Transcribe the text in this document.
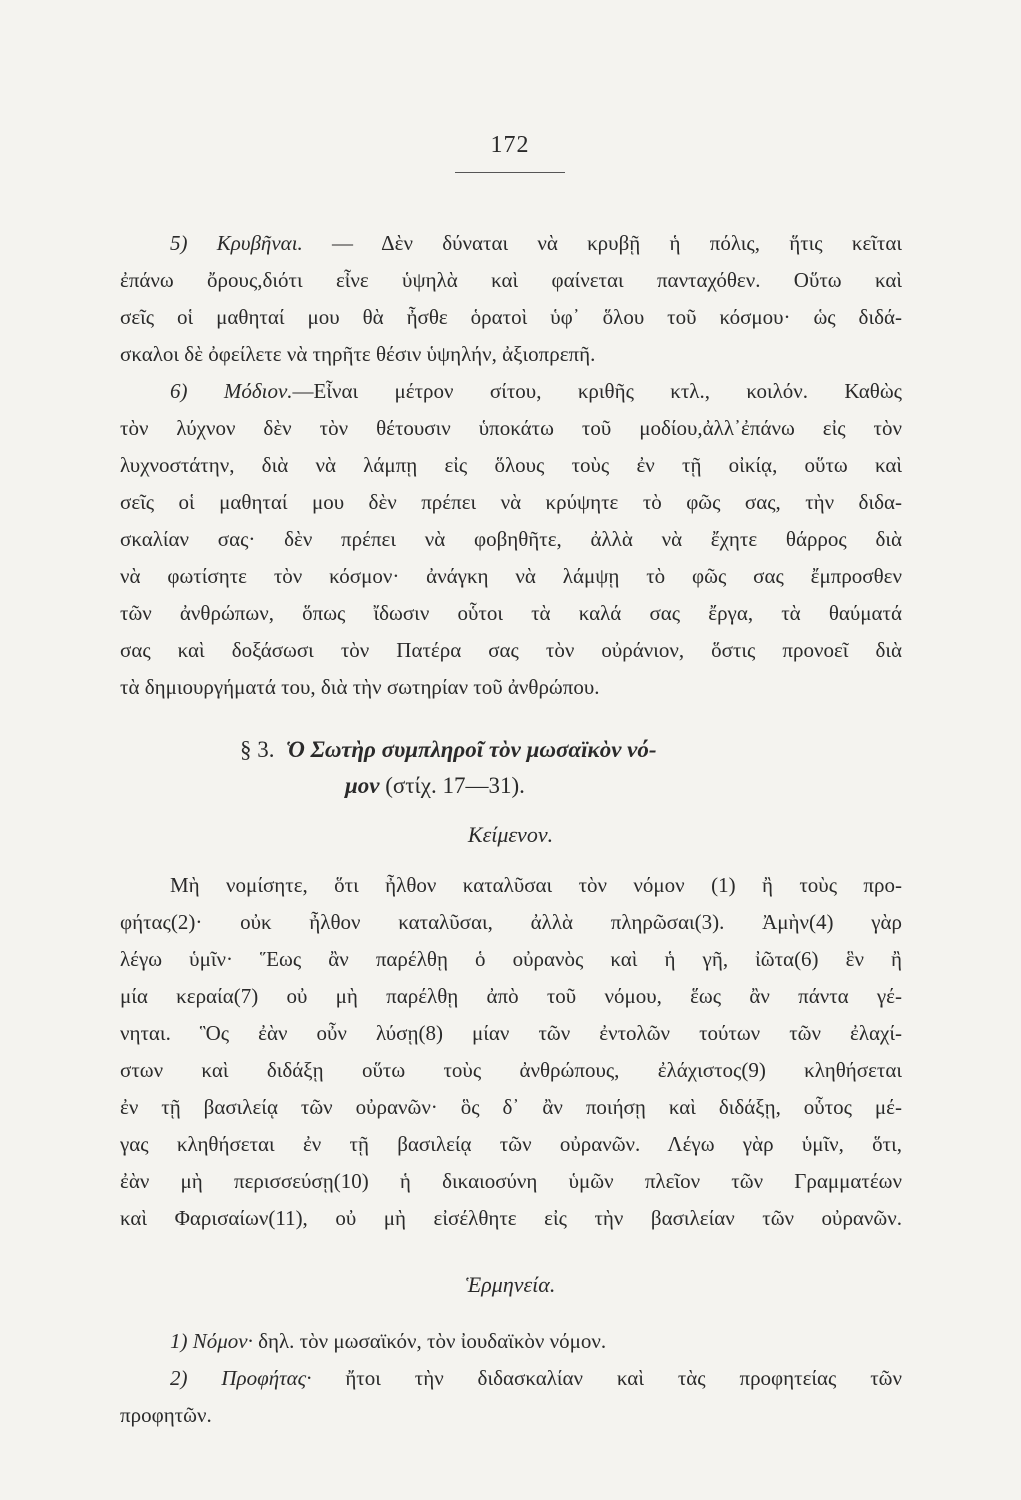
172
5) Κρυβῆναι. — Δὲν δύναται νὰ κρυβῇ ἡ πόλις, ἥτις κεῖται
ἐπάνω ὄρους,διότι εἶνε ὑψηλὰ καὶ φαίνεται πανταχόθεν. Οὕτω καὶ
σεῖς οἱ μαθηταί μου θὰ ἦσθε ὁρατοὶ ὑφ᾿ ὅλου τοῦ κόσμου· ὡς διδά-
σκαλοι δὲ ὀφείλετε νὰ τηρῆτε θέσιν ὑψηλήν, ἀξιοπρεπῆ.
6) Μόδιον.—Εἶναι μέτρον σίτου, κριθῆς κτλ., κοιλόν. Καθὼς
τὸν λύχνον δὲν τὸν θέτουσιν ὑποκάτω τοῦ μοδίου,ἀλλ᾿ἐπάνω εἰς τὸν
λυχνοστάτην, διὰ νὰ λάμπῃ εἰς ὅλους τοὺς ἐν τῇ οἰκίᾳ, οὕτω καὶ
σεῖς οἱ μαθηταί μου δὲν πρέπει νὰ κρύψητε τὸ φῶς σας, τὴν διδα-
σκαλίαν σας· δὲν πρέπει νὰ φοβηθῆτε, ἀλλὰ νὰ ἔχητε θάρρος διὰ
νὰ φωτίσητε τὸν κόσμον· ἀνάγκη νὰ λάμψῃ τὸ φῶς σας ἔμπροσθεν
τῶν ἀνθρώπων, ὅπως ἴδωσιν οὗτοι τὰ καλά σας ἔργα, τὰ θαύματά
σας καὶ δοξάσωσι τὸν Πατέρα σας τὸν οὐράνιον, ὅστις προνοεῖ διὰ
τὰ δημιουργήματά του, διὰ τὴν σωτηρίαν τοῦ ἀνθρώπου.
§ 3. Ὁ Σωτὴρ συμπληροῖ τὸν μωσαϊκὸν νό-
μον (στίχ. 17—31).
Κείμενον.
Μὴ νομίσητε, ὅτι ἦλθον καταλῦσαι τὸν νόμον (1) ἢ τοὺς προ-
φήτας(2)· οὐκ ἦλθον καταλῦσαι, ἀλλὰ πληρῶσαι(3). Ἀμὴν(4) γὰρ
λέγω ὑμῖν· Ἕως ἂν παρέλθῃ ὁ οὐρανὸς καὶ ἡ γῆ, ἰῶτα(6) ἓν ἢ
μία κεραία(7) οὐ μὴ παρέλθῃ ἀπὸ τοῦ νόμου, ἕως ἂν πάντα γέ-
νηται. Ὃς ἐὰν οὖν λύσῃ(8) μίαν τῶν ἐντολῶν τούτων τῶν ἐλαχί-
στων καὶ διδάξῃ οὕτω τοὺς ἀνθρώπους, ἐλάχιστος(9) κληθήσεται
ἐν τῇ βασιλείᾳ τῶν οὐρανῶν· ὃς δ᾿ ἂν ποιήσῃ καὶ διδάξῃ, οὗτος μέ-
γας κληθήσεται ἐν τῇ βασιλείᾳ τῶν οὐρανῶν. Λέγω γὰρ ὑμῖν, ὅτι,
ἐὰν μὴ περισσεύσῃ(10) ἡ δικαιοσύνη ὑμῶν πλεῖον τῶν Γραμματέων
καὶ Φαρισαίων(11), οὐ μὴ εἰσέλθητε εἰς τὴν βασιλείαν τῶν οὐρανῶν.
Ἑρμηνεία.
1) Νόμον· δηλ. τὸν μωσαϊκόν, τὸν ἰουδαϊκὸν νόμον.
2) Προφήτας· ἤτοι τὴν διδασκαλίαν καὶ τὰς προφητείας τῶν
προφητῶν.
